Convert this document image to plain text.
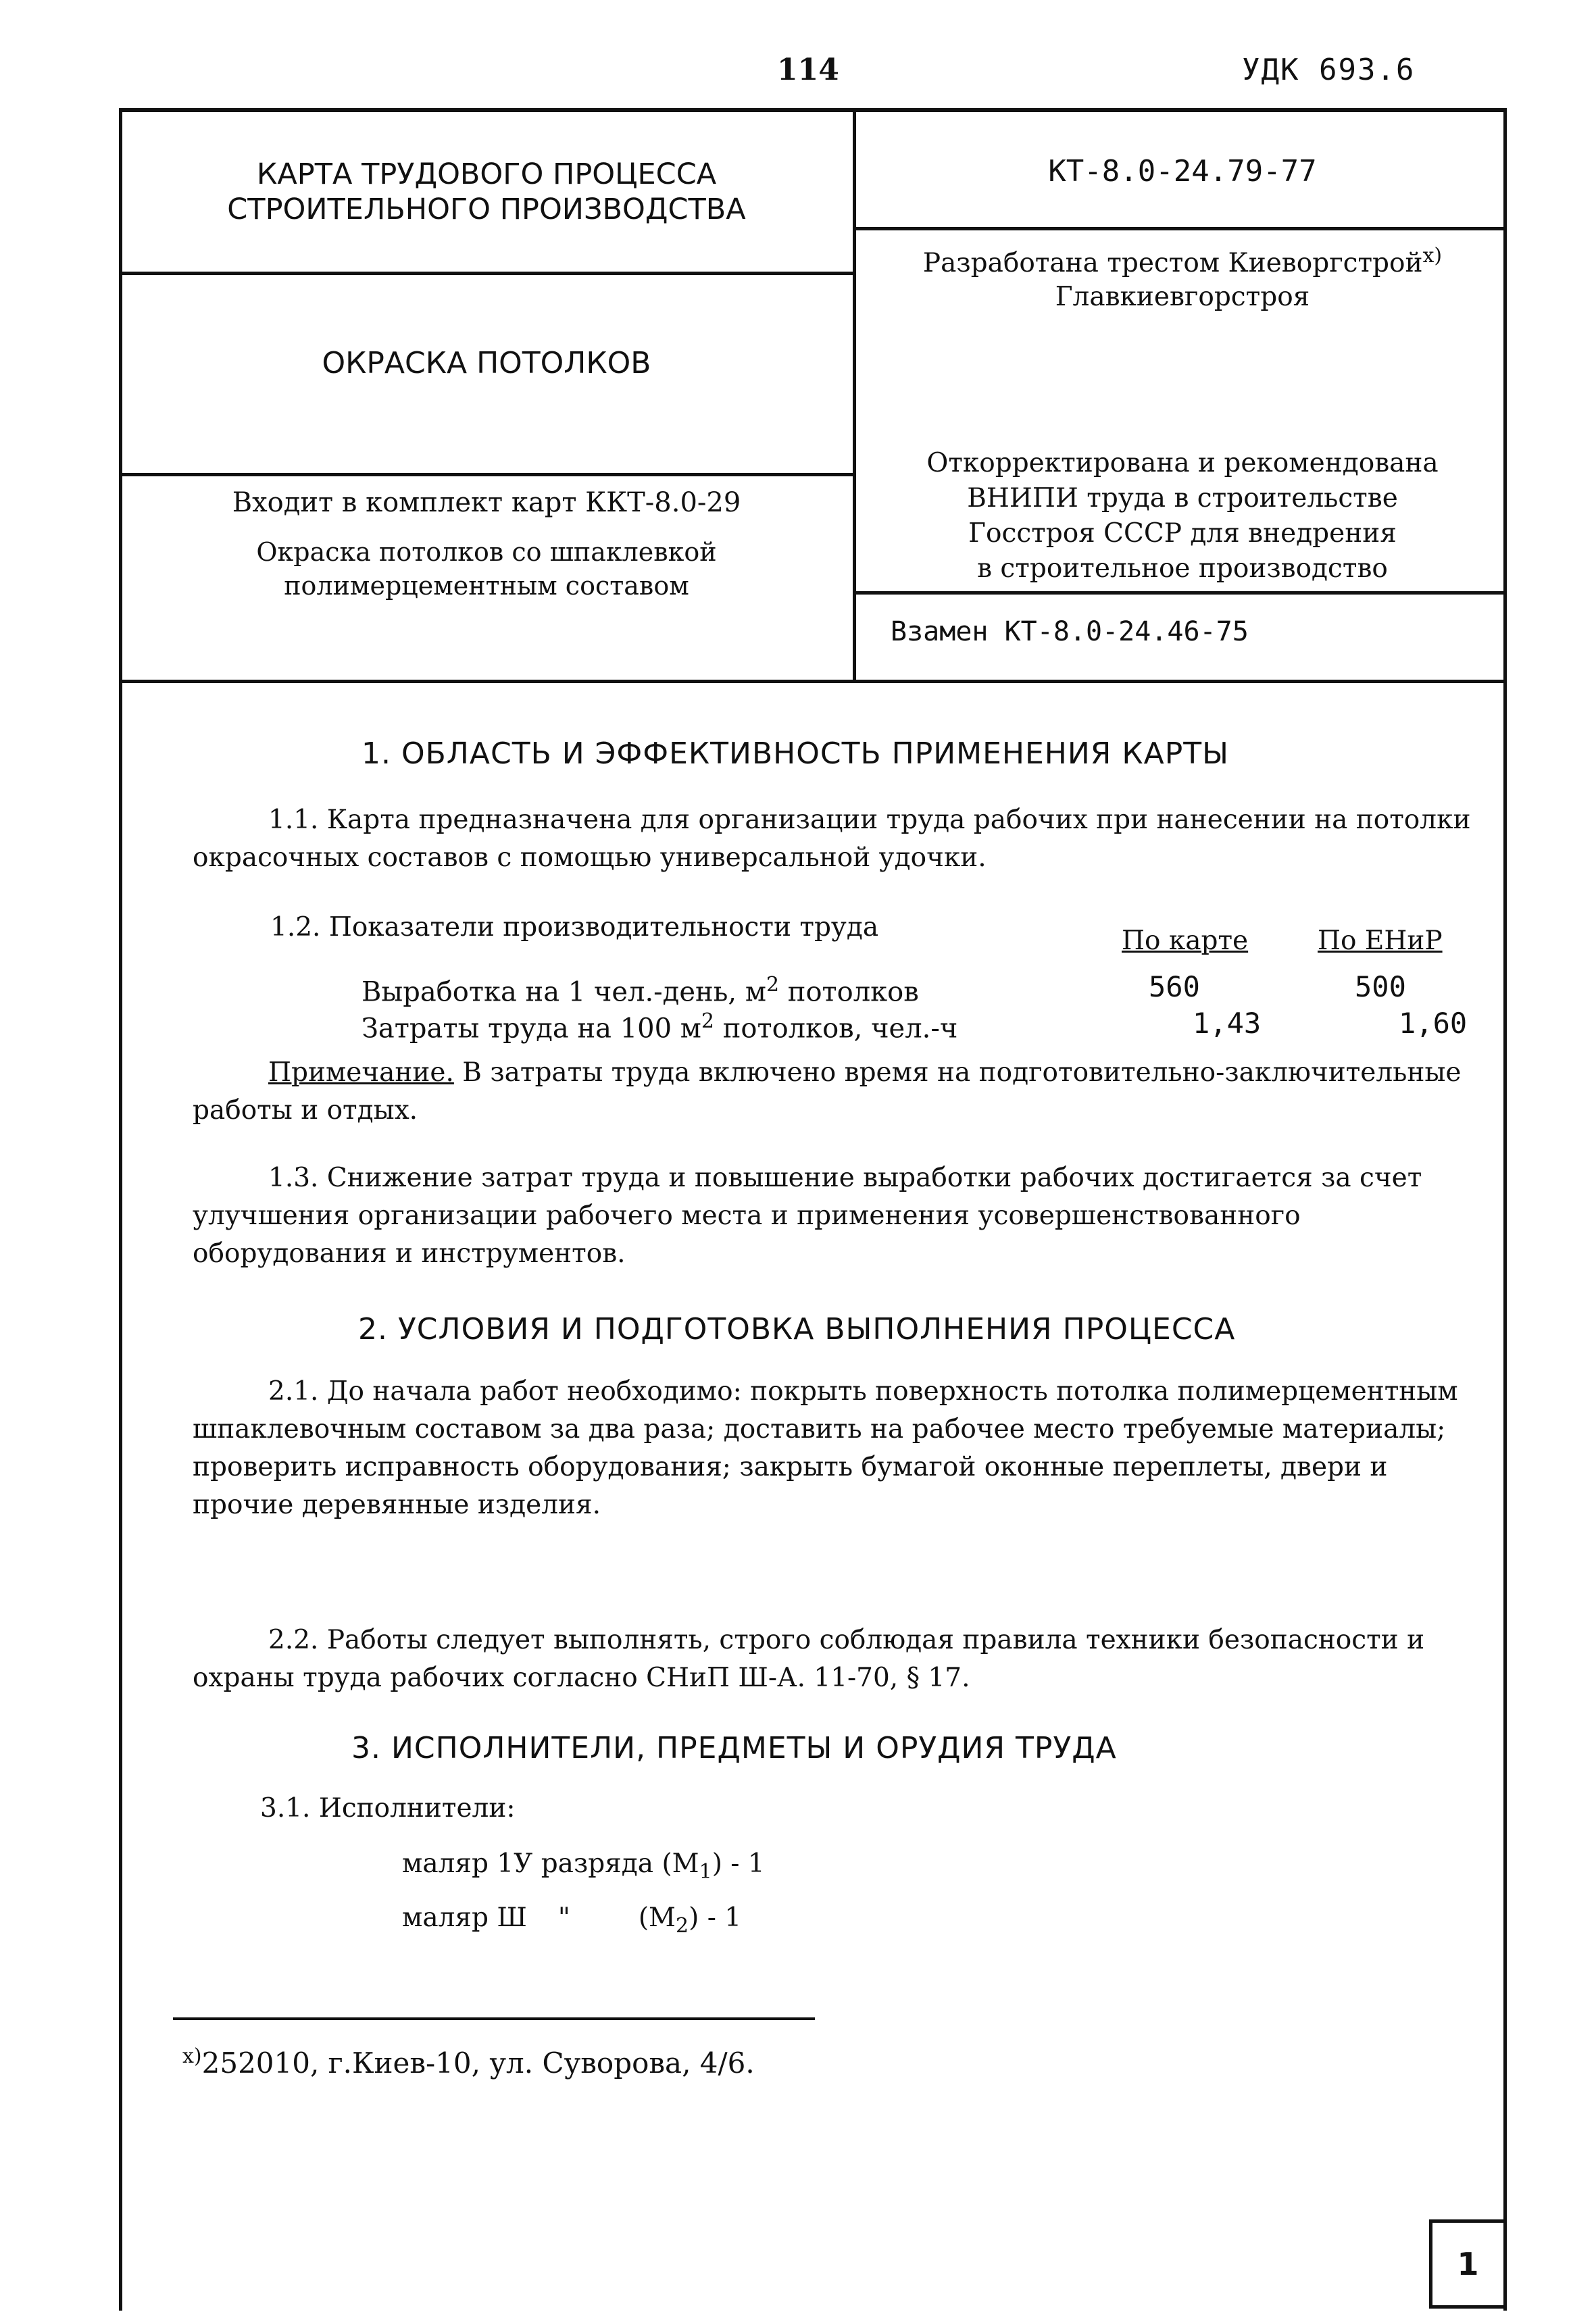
114	УДК 693.6
КАРТА ТРУДОВОГО ПРОЦЕССА
СТРОИТЕЛЬНОГО ПРОИЗВОДСТВА
КТ-8.0-24.79-77
ОКРАСКА ПОТОЛКОВ
Разработана трестом Киеворгстрой$^{x)}$
Главкиевгорстроя
Откорректирована и рекомендована
ВНИПИ труда в строительстве
Госстроя СССР для внедрения
в строительное производство
Входит в комплект карт ККТ-8.0-29
Окраска потолков со шпаклевкой
полимерцементным составом
Взамен КТ-8.0-24.46-75
1. ОБЛАСТЬ И ЭФФЕКТИВНОСТЬ ПРИМЕНЕНИЯ КАРТЫ
1.1. Карта предназначена для организации труда рабочих при нанесении на потолки окрасочных составов с помощью универсальной удочки.
1.2. Показатели производительности труда	По карте	По ЕНиР
Выработка на 1 чел.-день, $м^2$ потолков	560	500
Затраты труда на 100 $м^2$ потолков, чел.-ч	1,43	1,60
Примечание. В затраты труда включено время на подготовительно-заключительные работы и отдых.
1.3. Снижение затрат труда и повышение выработки рабочих достигается за счет улучшения организации рабочего места и применения усовершенствованного оборудования и инструментов.
2. УСЛОВИЯ И ПОДГОТОВКА ВЫПОЛНЕНИЯ ПРОЦЕССА
2.1. До начала работ необходимо: покрыть поверхность потолка полимерцементным шпаклевочным составом за два раза; доставить на рабочее место требуемые материалы; проверить исправность оборудования; закрыть бумагой оконные переплеты, двери и прочие деревянные изделия.
2.2. Работы следует выполнять, строго соблюдая правила техники безопасности и охраны труда рабочих согласно СНиП Ш-А. 11-70, § 17.
3. ИСПОЛНИТЕЛИ, ПРЕДМЕТЫ И ОРУДИЯ ТРУДА
3.1. Исполнители:
маляр 1У разряда $(М_1) - 1$
маляр Ш "	$(М_2) - 1$
$^{x)}$252010, г.Киев-10, ул. Суворова, 4/6.
1
